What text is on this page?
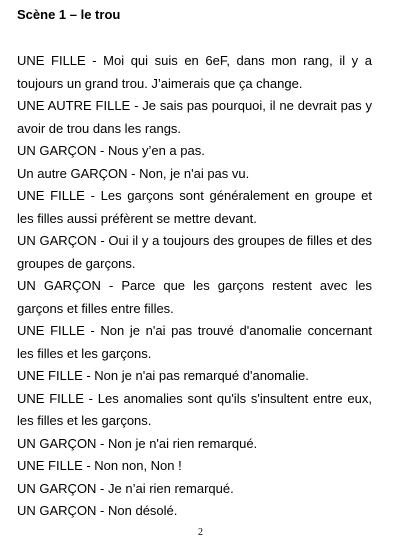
Scène 1 – le trou

UNE FILLE - Moi qui suis en 6eF, dans mon rang, il y a toujours un grand trou. J’aimerais que ça change.

UNE AUTRE FILLE - Je sais pas pourquoi, il ne devrait pas y avoir de trou dans les rangs.

UN GARÇON - Nous y’en a pas.

Un autre GARÇON - Non, je n'ai pas vu.

UNE FILLE - Les garçons sont généralement en groupe et les filles aussi préfèrent se mettre devant.

UN GARÇON - Oui il y a toujours des groupes de filles et des groupes de garçons.

UN GARÇON - Parce que les garçons restent avec les garçons et filles entre filles.

UNE FILLE - Non je n'ai pas trouvé d'anomalie concernant les filles et les garçons.

UNE FILLE - Non je n'ai pas remarqué d'anomalie.

UNE FILLE - Les anomalies sont qu'ils s'insultent entre eux, les filles et les garçons.

UN GARÇON - Non je n'ai rien remarqué.

UNE FILLE - Non non, Non !

UN GARÇON - Je n’ai rien remarqué.

UN GARÇON - Non désolé.

2
